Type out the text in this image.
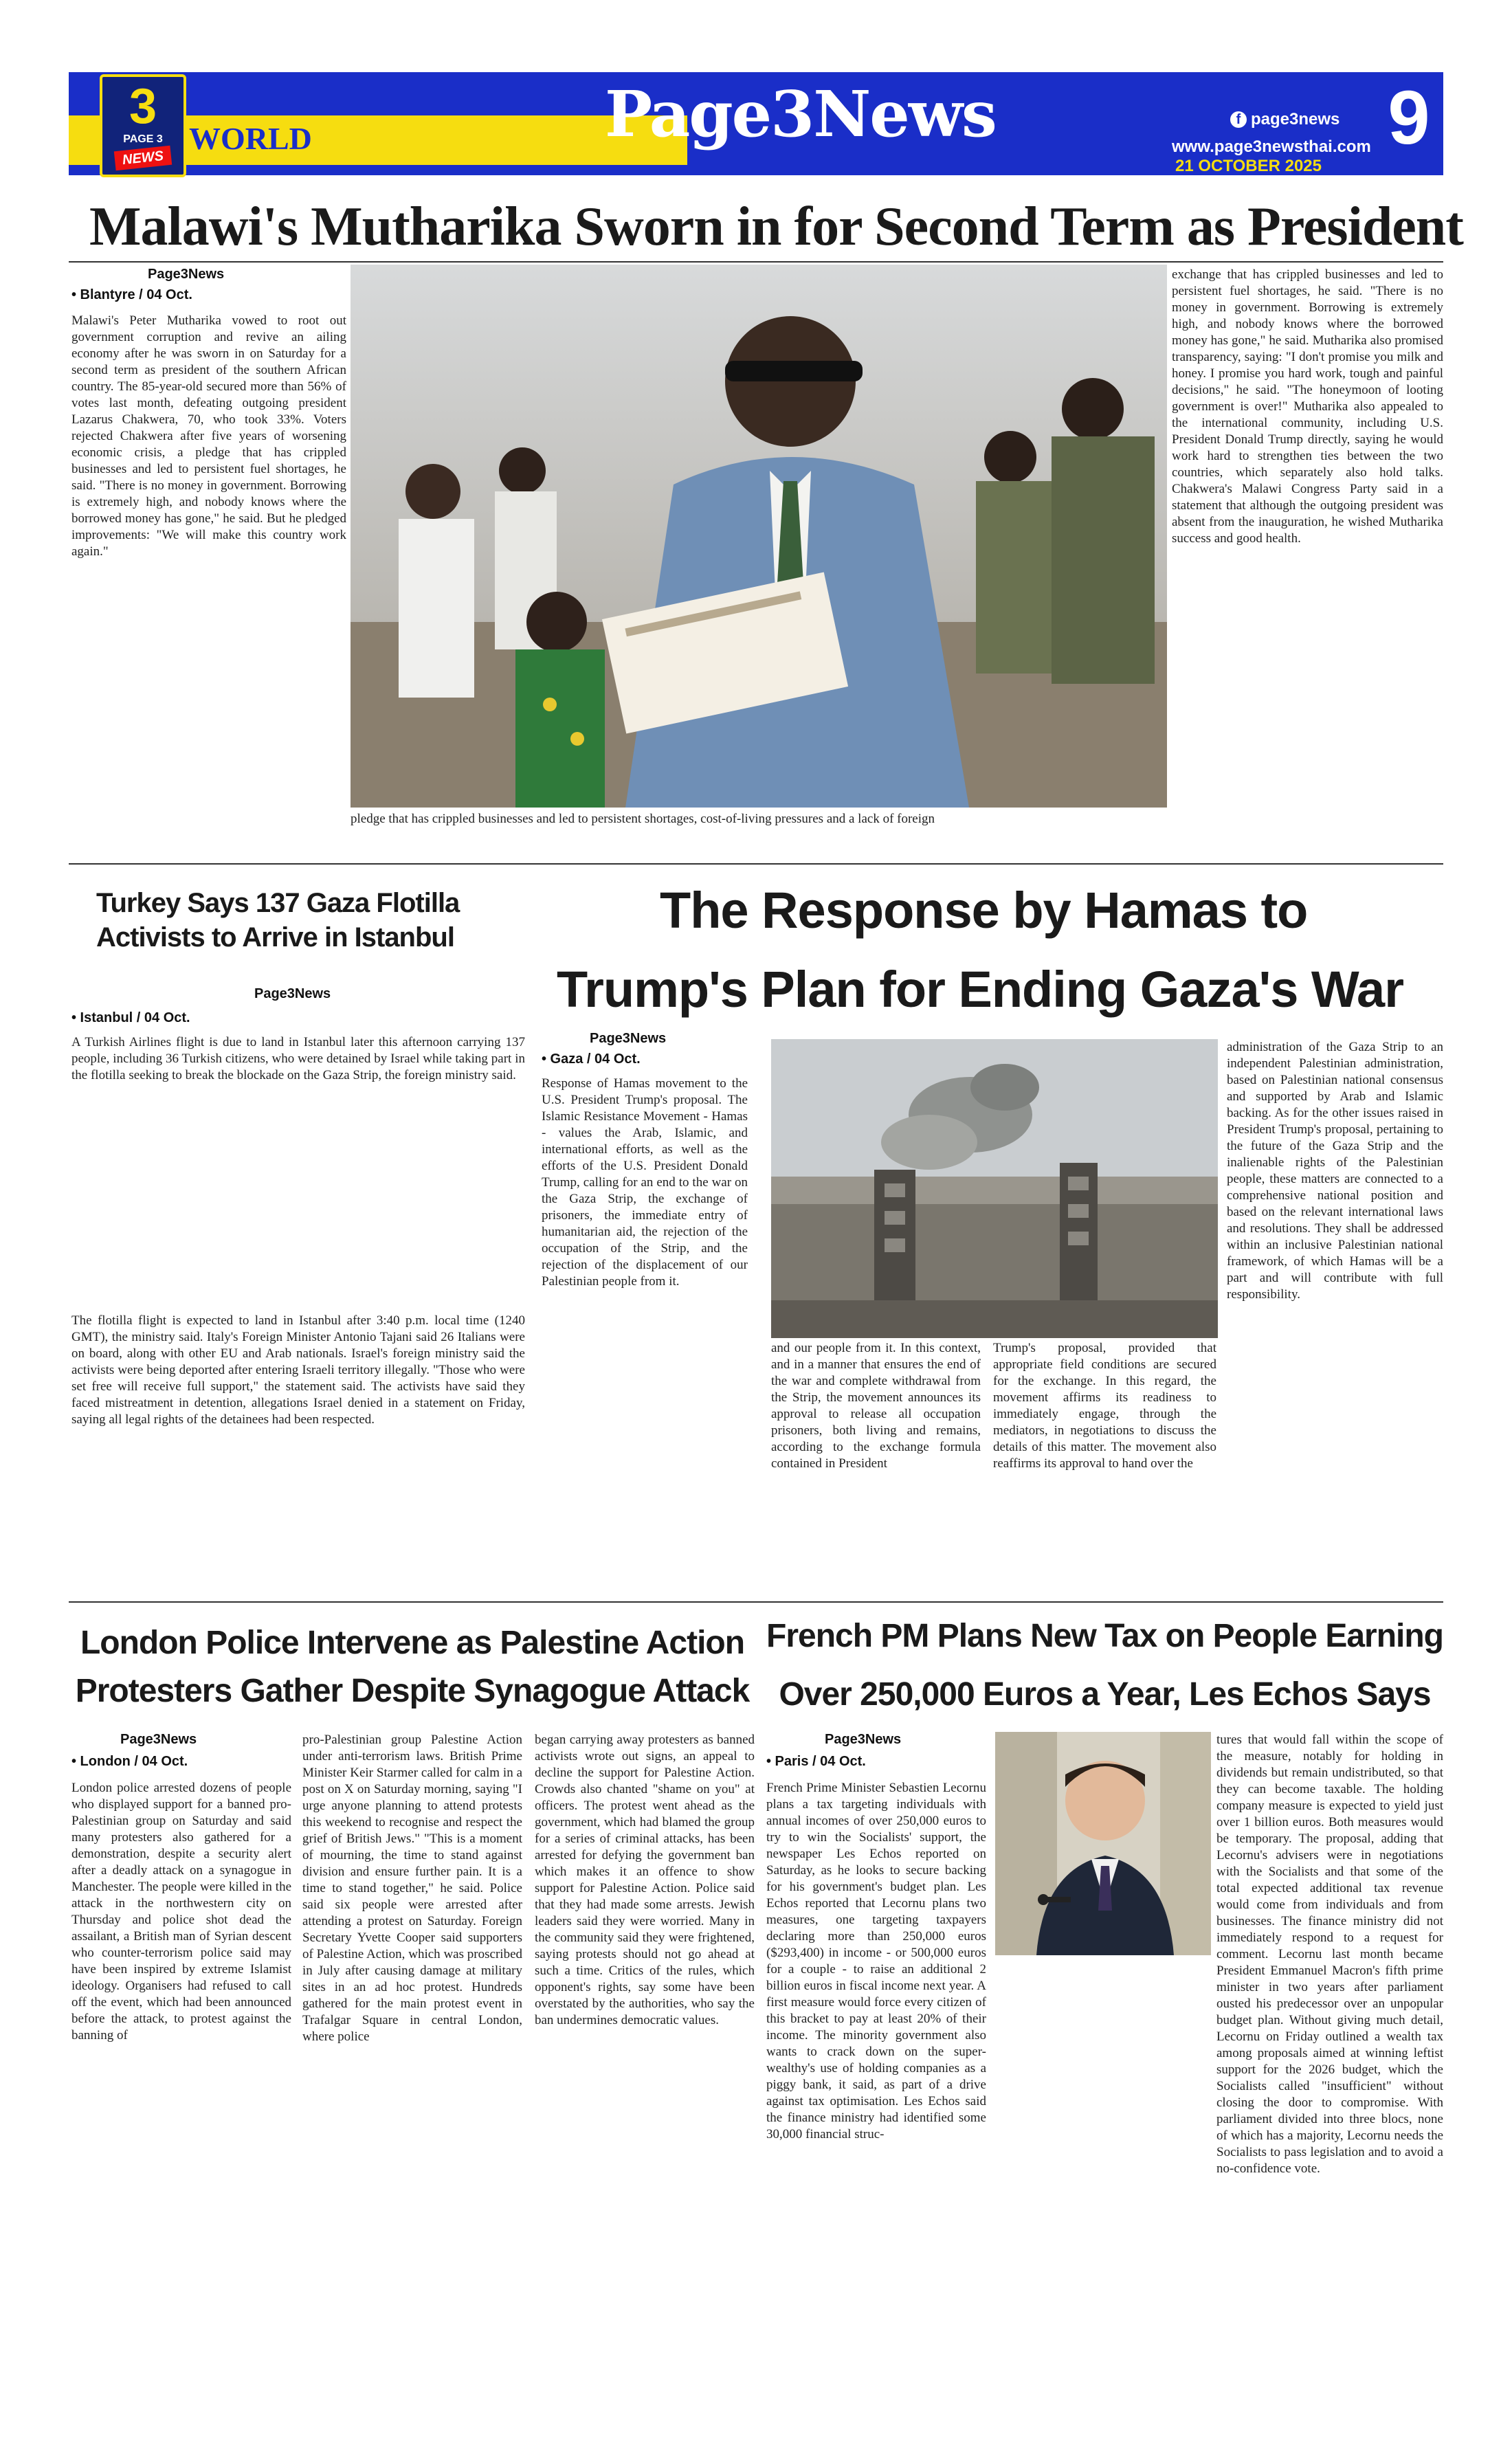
3
PAGE 3
NEWS
WORLD	Page3News	f page3news
www.page3newsthai.com
21 OCTOBER 2025
9
Malawi's Mutharika Sworn in for Second Term as President
Page3News
• Blantyre / 04 Oct.
Malawi's Peter Mutharika vowed to root out government corruption and revive an ailing economy after he was sworn in on Saturday for a second term as president of the southern African country. The 85-year-old secured more than 56% of votes last month, defeating outgoing president Lazarus Chakwera, 70, who took 33%. Voters rejected Chakwera after five years of worsening economic crisis, a pledge that has crippled businesses and led to persistent fuel shortages, he said. "There is no money in government. Borrowing is extremely high, and nobody knows where the borrowed money has gone," he said. But he pledged improvements: "We will make this country work again."
exchange that has crippled businesses and led to persistent fuel shortages, he said. "There is no money in government. Borrowing is extremely high, and nobody knows where the borrowed money has gone," he said. Mutharika also promised transparency, saying: "I don't promise you milk and honey. I promise you hard work, tough and painful decisions," he said. "The honeymoon of looting government is over!" Mutharika also appealed to the international community, including U.S. President Donald Trump directly, saying he would work hard to strengthen ties between the two countries, which separately also hold talks. Chakwera's Malawi Congress Party said in a statement that although the outgoing president was absent from the inauguration, he wished Mutharika success and good health.
pledge that has crippled businesses and led to persistent shortages, cost-of-living pressures and a lack of foreign
Turkey Says 137 Gaza Flotilla
Activists to Arrive in Istanbul
Page3News
• Istanbul / 04 Oct.
A Turkish Airlines flight is due to land in Istanbul later this afternoon carrying 137 people, including 36 Turkish citizens, who were detained by Israel while taking part in the flotilla seeking to break the blockade on the Gaza Strip, the foreign ministry said.
The flotilla flight is expected to land in Istanbul after 3:40 p.m. local time (1240 GMT), the ministry said. Italy's Foreign Minister Antonio Tajani said 26 Italians were on board, along with other EU and Arab nationals. Israel's foreign ministry said the activists were being deported after entering Israeli territory illegally. "Those who were set free will receive full support," the statement said. The activists have said they faced mistreatment in detention, allegations Israel denied in a statement on Friday, saying all legal rights of the detainees had been respected.
The Response by Hamas to
Trump's Plan for Ending Gaza's War
Page3News
• Gaza / 04 Oct.
Response of Hamas movement to the U.S. President Trump's proposal. The Islamic Resistance Movement - Hamas - values the Arab, Islamic, and international efforts, as well as the efforts of the U.S. President Donald Trump, calling for an end to the war on the Gaza Strip, the exchange of prisoners, the immediate entry of humanitarian aid, the rejection of the occupation of the Strip, and the rejection of the displacement of our Palestinian people from it.
and our people from it. In this context, and in a manner that ensures the end of the war and complete withdrawal from the Strip, the movement announces its approval to release all occupation prisoners, both living and remains, according to the exchange formula contained in President
Trump's proposal, provided that appropriate field conditions are secured for the exchange. In this regard, the movement affirms its readiness to immediately engage, through the mediators, in negotiations to discuss the details of this matter. The movement also reaffirms its approval to hand over the
administration of the Gaza Strip to an independent Palestinian administration, based on Palestinian national consensus and supported by Arab and Islamic backing. As for the other issues raised in President Trump's proposal, pertaining to the future of the Gaza Strip and the inalienable rights of the Palestinian people, these matters are connected to a comprehensive national position and based on the relevant international laws and resolutions. They shall be addressed within an inclusive Palestinian national framework, of which Hamas will be a part and will contribute with full responsibility.
London Police Intervene as Palestine Action
Protesters Gather Despite Synagogue Attack
Page3News
• London / 04 Oct.
London police arrested dozens of people who displayed support for a banned pro-Palestinian group on Saturday and said many protesters also gathered for a demonstration, despite a security alert after a deadly attack on a synagogue in Manchester. The people were killed in the attack in the northwestern city on Thursday and police shot dead the assailant, a British man of Syrian descent who counter-terrorism police said may have been inspired by extreme Islamist ideology. Organisers had refused to call off the event, which had been announced before the attack, to protest against the banning of
pro-Palestinian group Palestine Action under anti-terrorism laws. British Prime Minister Keir Starmer called for calm in a post on X on Saturday morning, saying "I urge anyone planning to attend protests this weekend to recognise and respect the grief of British Jews." "This is a moment of mourning, the time to stand against division and ensure further pain. It is a time to stand together," he said. Police said six people were arrested after attending a protest on Saturday. Foreign Secretary Yvette Cooper said supporters of Palestine Action, which was proscribed in July after causing damage at military sites in an ad hoc protest. Hundreds gathered for the main protest event in Trafalgar Square in central London, where police
began carrying away protesters as banned activists wrote out signs, an appeal to decline the support for Palestine Action. Crowds also chanted "shame on you" at officers. The protest went ahead as the government, which had blamed the group for a series of criminal attacks, has been arrested for defying the government ban which makes it an offence to show support for Palestine Action. Police said that they had made some arrests. Jewish leaders said they were worried. Many in the community said they were frightened, saying protests should not go ahead at such a time. Critics of the rules, which opponent's rights, say some have been overstated by the authorities, who say the ban undermines democratic values.
French PM Plans New Tax on People Earning
Over 250,000 Euros a Year, Les Echos Says
Page3News
• Paris / 04 Oct.
French Prime Minister Sebastien Lecornu plans a tax targeting individuals with annual incomes of over 250,000 euros to try to win the Socialists' support, the newspaper Les Echos reported on Saturday, as he looks to secure backing for his government's budget plan. Les Echos reported that Lecornu plans two measures, one targeting taxpayers declaring more than 250,000 euros ($293,400) in income - or 500,000 euros for a couple - to raise an additional 2 billion euros in fiscal income next year. A first measure would force every citizen of this bracket to pay at least 20% of their income. The minority government also wants to crack down on the super-wealthy's use of holding companies as a piggy bank, it said, as part of a drive against tax optimisation. Les Echos said the finance ministry had identified some 30,000 financial struc-
tures that would fall within the scope of the measure, notably for holding in dividends but remain undistributed, so that they can become taxable. The holding company measure is expected to yield just over 1 billion euros. Both measures would be temporary. The proposal, adding that Lecornu's advisers were in negotiations with the Socialists and that some of the total expected additional tax revenue would come from individuals and from businesses. The finance ministry did not immediately respond to a request for comment. Lecornu last month became President Emmanuel Macron's fifth prime minister in two years after parliament ousted his predecessor over an unpopular budget plan. Without giving much detail, Lecornu on Friday outlined a wealth tax among proposals aimed at winning leftist support for the 2026 budget, which the Socialists called "insufficient" without closing the door to compromise. With parliament divided into three blocs, none of which has a majority, Lecornu needs the Socialists to pass legislation and to avoid a no-confidence vote.
